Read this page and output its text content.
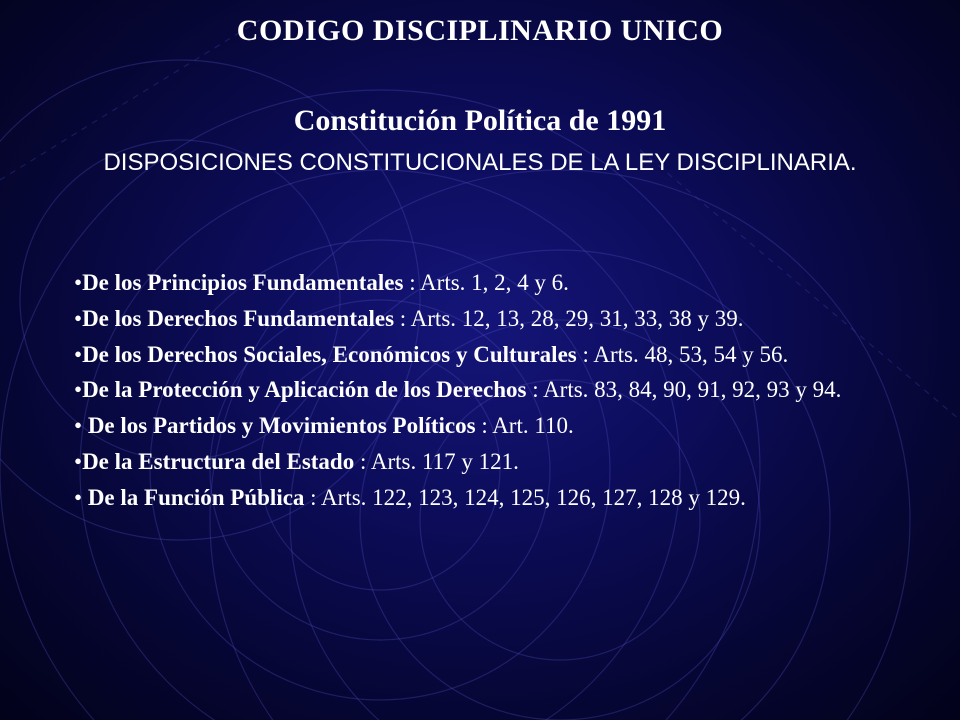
CODIGO DISCIPLINARIO UNICO
Constitución Política de 1991
DISPOSICIONES CONSTITUCIONALES DE LA LEY DISCIPLINARIA.
•De los Principios Fundamentales : Arts. 1, 2, 4 y 6.
•De los Derechos Fundamentales : Arts. 12, 13, 28, 29, 31, 33, 38 y 39.
•De los Derechos Sociales, Económicos y Culturales : Arts. 48, 53, 54 y 56.
•De la Protección y Aplicación de los Derechos : Arts. 83, 84, 90, 91, 92, 93 y 94.
• De los Partidos y Movimientos Políticos : Art. 110.
•De la Estructura del Estado : Arts. 117 y 121.
• De la Función Pública : Arts. 122, 123, 124, 125, 126, 127, 128 y 129.
